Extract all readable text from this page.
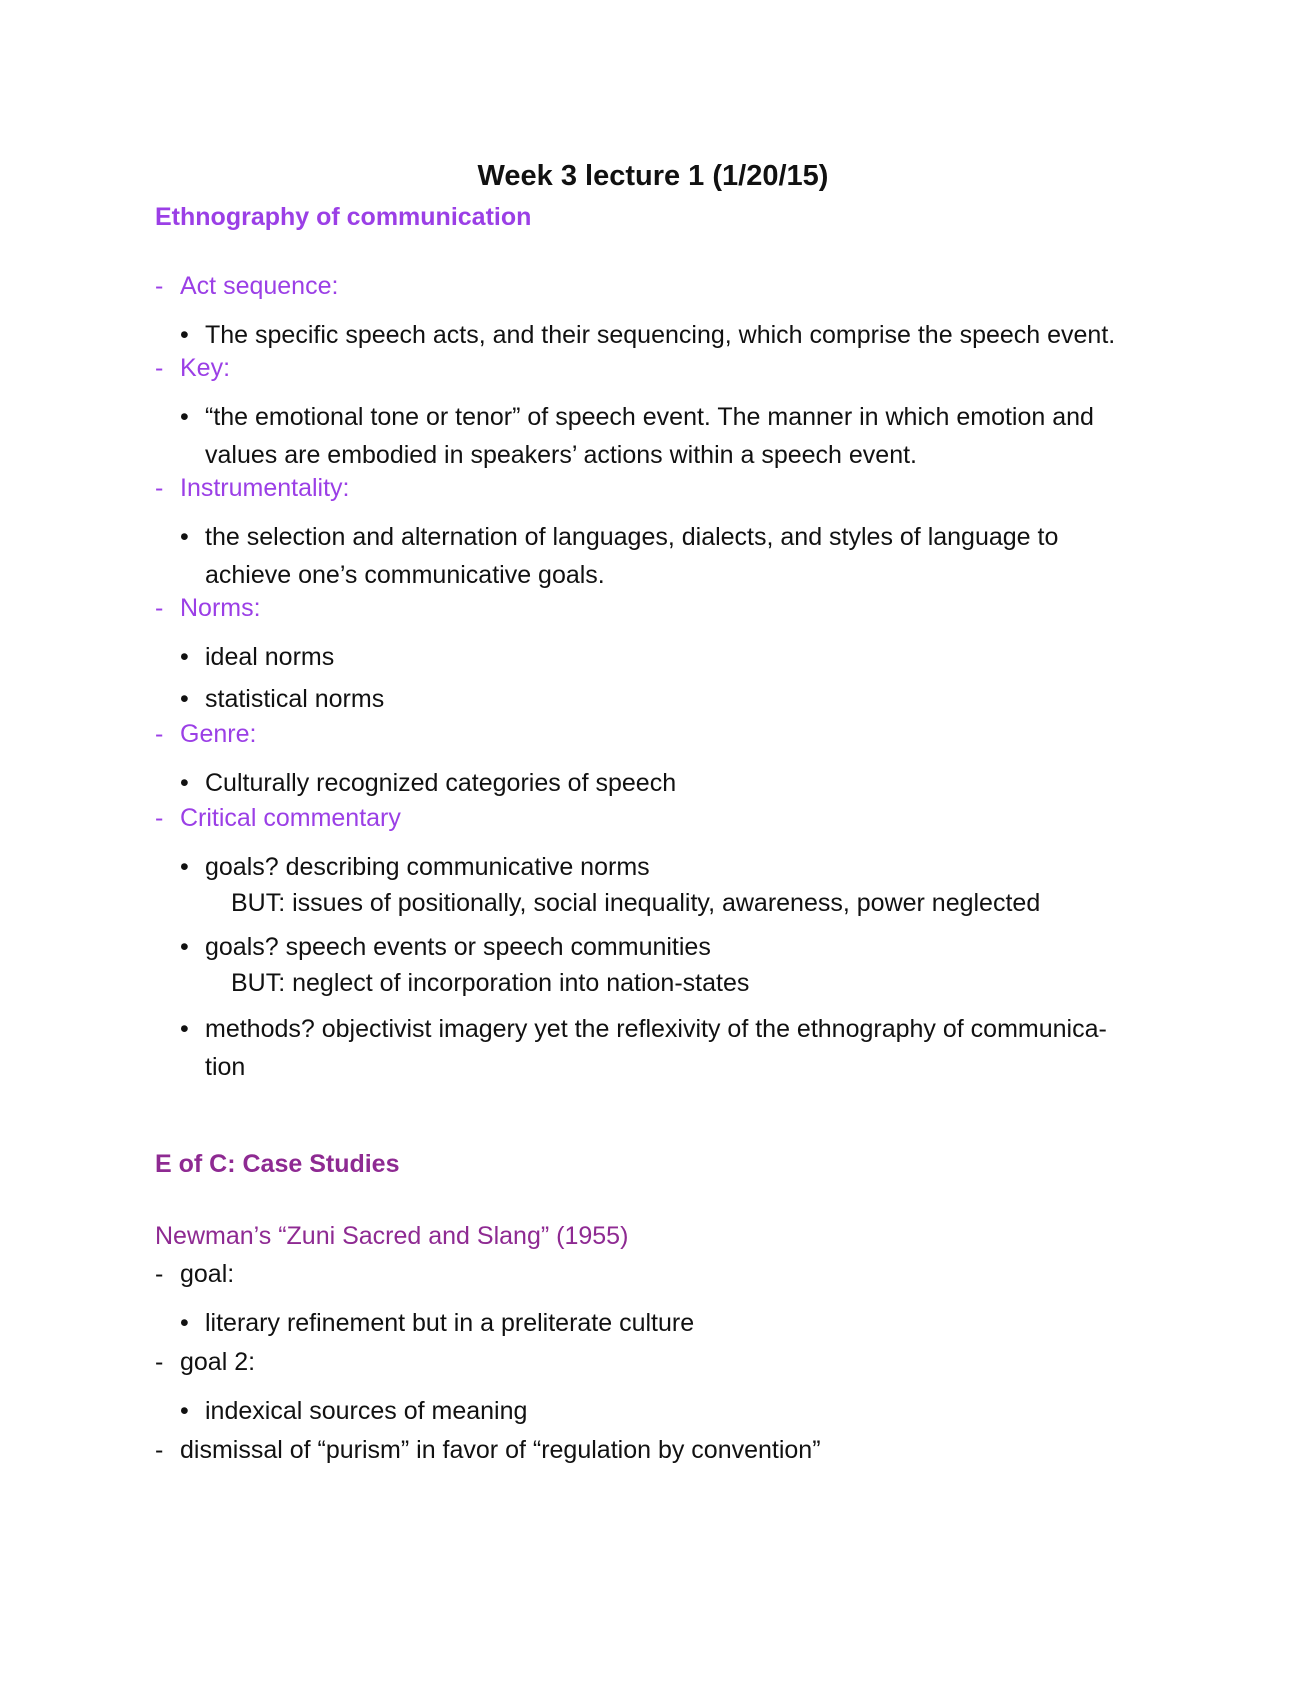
Week 3 lecture 1 (1/20/15)
Ethnography of communication
- Act sequence:
• The specific speech acts, and their sequencing, which comprise the speech event.
- Key:
• “the emotional tone or tenor” of speech event. The manner in which emotion and values are embodied in speakers’ actions within a speech event.
- Instrumentality:
• the selection and alternation of languages, dialects, and styles of language to achieve one’s communicative goals.
- Norms:
• ideal norms
• statistical norms
- Genre:
• Culturally recognized categories of speech
- Critical commentary
• goals? describing communicative norms
BUT: issues of positionally, social inequality, awareness, power neglected
• goals? speech events or speech communities
BUT: neglect of incorporation into nation-states
• methods? objectivist imagery yet the reflexivity of the ethnography of communica- tion
E of C: Case Studies
Newman’s “Zuni Sacred and Slang” (1955)
- goal:
• literary refinement but in a preliterate culture
- goal 2:
• indexical sources of meaning
- dismissal of “purism” in favor of “regulation by convention”
